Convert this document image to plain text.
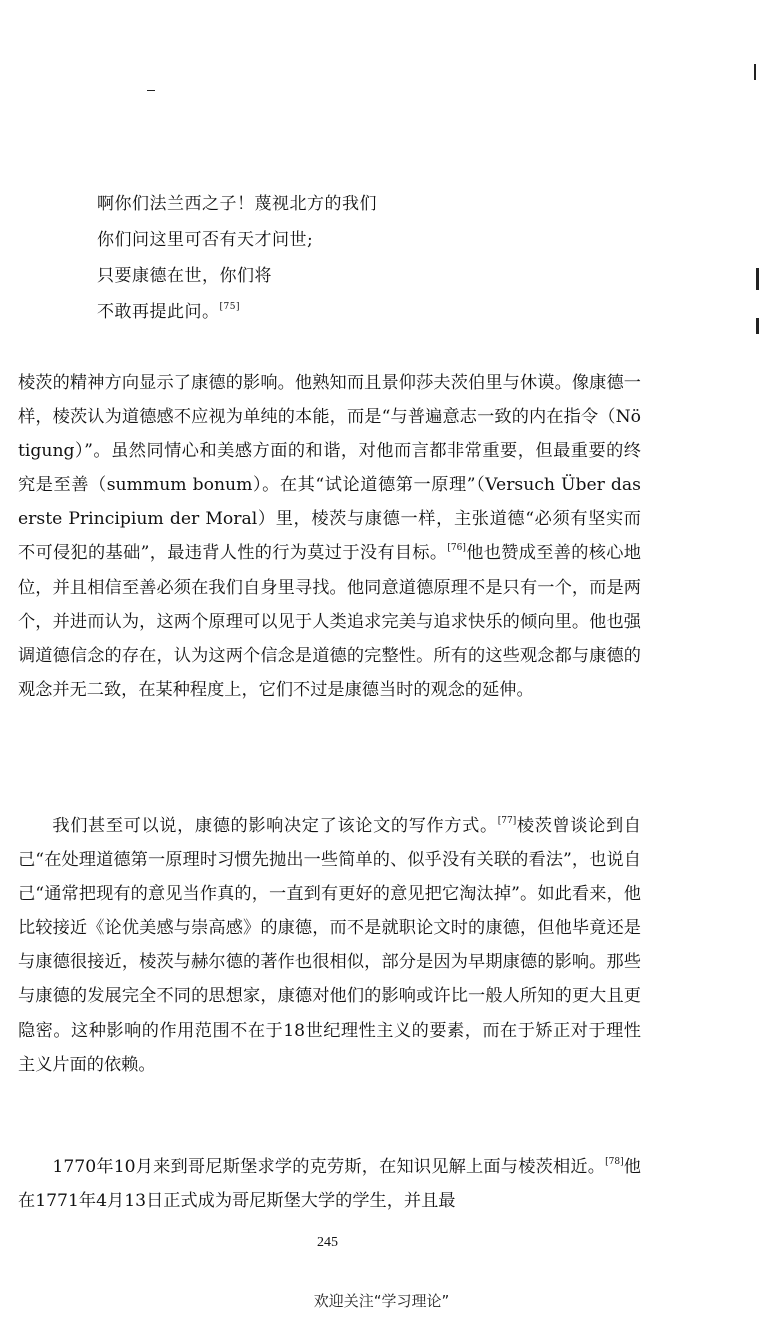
啊你们法兰西之子！蔑视北方的我们
你们问这里可否有天才问世;
只要康德在世，你们将
不敢再提此问。[75]
棱茨的精神方向显示了康德的影响。他熟知而且景仰莎夫茨伯里与休谟。像康德一样，棱茨认为道德感不应视为单纯的本能，而是“与普遍意志一致的内在指令（Nötigung）”。虽然同情心和美感方面的和谐，对他而言都非常重要，但最重要的终究是至善（summum bonum）。在其“试论道德第一原理”（Versuch Über das erste Principium der Moral）里，棱茨与康德一样，主张道德“必须有坚实而不可侵犯的基础”，最违背人性的行为莫过于没有目标。[76]他也赞成至善的核心地位，并且相信至善必须在我们自身里寻找。他同意道德原理不是只有一个，而是两个，并进而认为，这两个原理可以见于人类追求完美与追求快乐的倾向里。他也强调道德信念的存在，认为这两个信念是道德的完整性。所有的这些观念都与康德的观念并无二致，在某种程度上，它们不过是康德当时的观念的延伸。
我们甚至可以说，康德的影响决定了该论文的写作方式。[77]棱茨曾谈论到自己“在处理道德第一原理时习惯先抛出一些简单的、似乎没有关联的看法”，也说自己“通常把现有的意见当作真的，一直到有更好的意见把它淘汰掉”。如此看来，他比较接近《论优美感与崇高感》的康德，而不是就职论文时的康德，但他毕竟还是与康德很接近，棱茨与赫尔德的著作也很相似，部分是因为早期康德的影响。那些与康德的发展完全不同的思想家，康德对他们的影响或许比一般人所知的更大且更隐密。这种影响的作用范围不在于18世纪理性主义的要素，而在于矫正对于理性主义片面的依赖。
1770年10月来到哥尼斯堡求学的克劳斯，在知识见解上面与棱茨相近。[78]他在1771年4月13日正式成为哥尼斯堡大学的学生，并且最
245
欢迎关注“学习理论”
